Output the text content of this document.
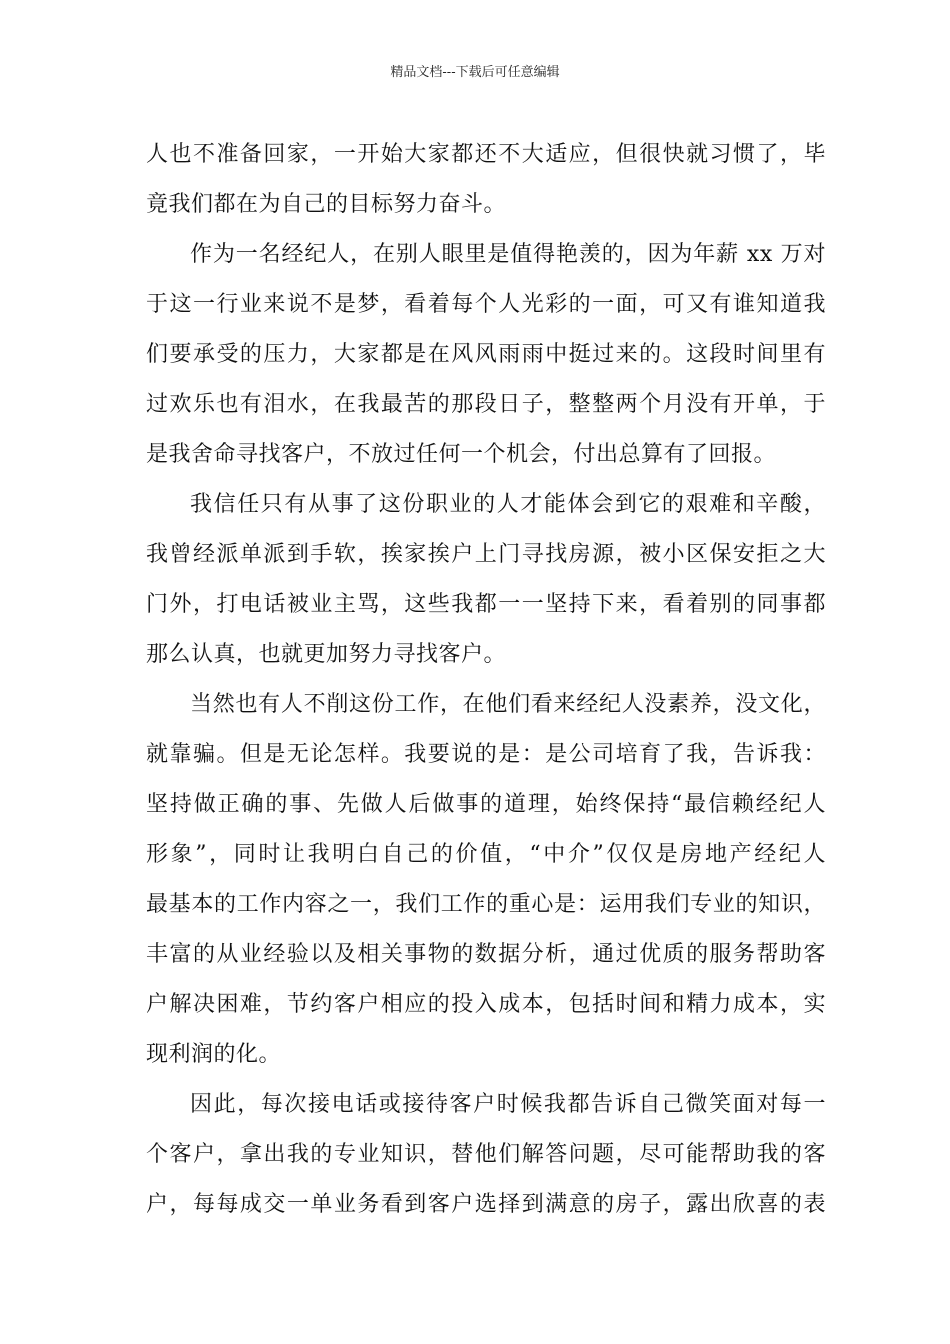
精品文档---下载后可任意编辑
人也不准备回家，一开始大家都还不大适应，但很快就习惯了，毕
竟我们都在为自己的目标努力奋斗。
作为一名经纪人，在别人眼里是值得艳羡的，因为年薪 xx 万对
于这一行业来说不是梦，看着每个人光彩的一面，可又有谁知道我
们要承受的压力，大家都是在风风雨雨中挺过来的。这段时间里有
过欢乐也有泪水，在我最苦的那段日子，整整两个月没有开单，于
是我舍命寻找客户，不放过任何一个机会，付出总算有了回报。
我信任只有从事了这份职业的人才能体会到它的艰难和辛酸，
我曾经派单派到手软，挨家挨户上门寻找房源，被小区保安拒之大
门外，打电话被业主骂，这些我都一一坚持下来，看着别的同事都
那么认真，也就更加努力寻找客户。
当然也有人不削这份工作，在他们看来经纪人没素养，没文化，
就靠骗。但是无论怎样。我要说的是：是公司培育了我，告诉我：
坚持做正确的事、先做人后做事的道理，始终保持“最信赖经纪人
形象”，同时让我明白自己的价值，“中介”仅仅是房地产经纪人
最基本的工作内容之一，我们工作的重心是：运用我们专业的知识，
丰富的从业经验以及相关事物的数据分析，通过优质的服务帮助客
户解决困难，节约客户相应的投入成本，包括时间和精力成本，实
现利润的化。
因此，每次接电话或接待客户时候我都告诉自己微笑面对每一
个客户，拿出我的专业知识，替他们解答问题，尽可能帮助我的客
户，每每成交一单业务看到客户选择到满意的房子，露出欣喜的表
